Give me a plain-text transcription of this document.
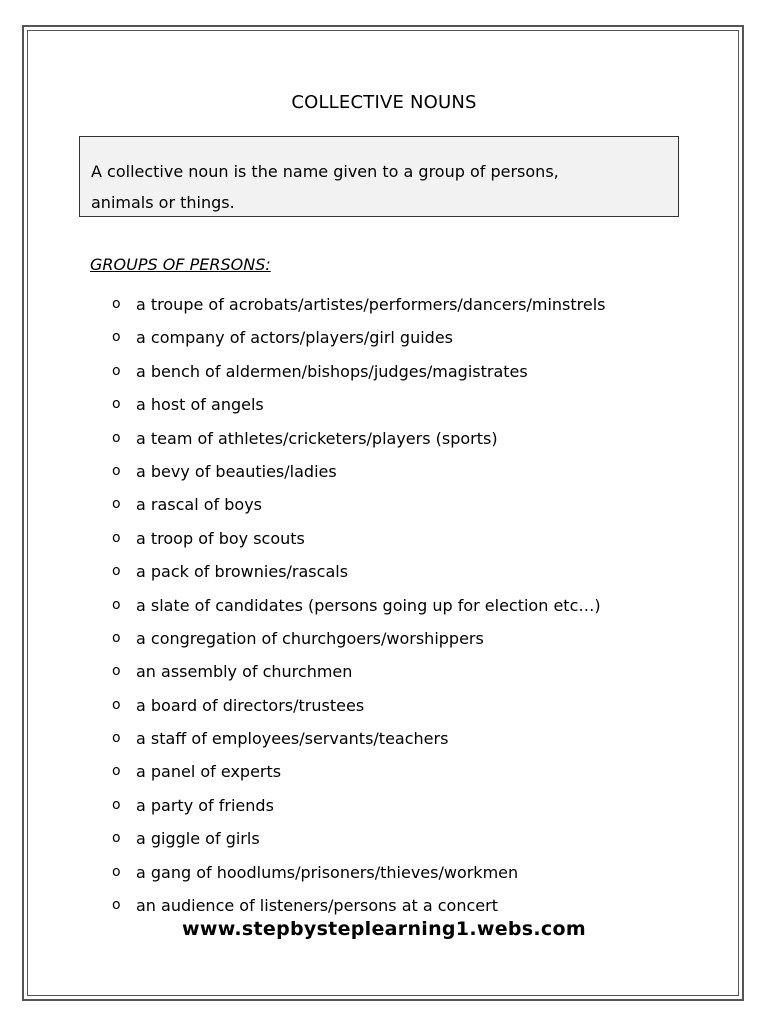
COLLECTIVE NOUNS
A collective noun is the name given to a group of persons,
animals or things.
GROUPS OF PERSONS:
o a troupe of acrobats/artistes/performers/dancers/minstrels
o a company of actors/players/girl guides
o a bench of aldermen/bishops/judges/magistrates
o a host of angels
o a team of athletes/cricketers/players (sports)
o a bevy of beauties/ladies
o a rascal of boys
o a troop of boy scouts
o a pack of brownies/rascals
o a slate of candidates (persons going up for election etc…)
o a congregation of churchgoers/worshippers
o an assembly of churchmen
o a board of directors/trustees
o a staff of employees/servants/teachers
o a panel of experts
o a party of friends
o a giggle of girls
o a gang of hoodlums/prisoners/thieves/workmen
o an audience of listeners/persons at a concert
www.stepbysteplearning1.webs.com
